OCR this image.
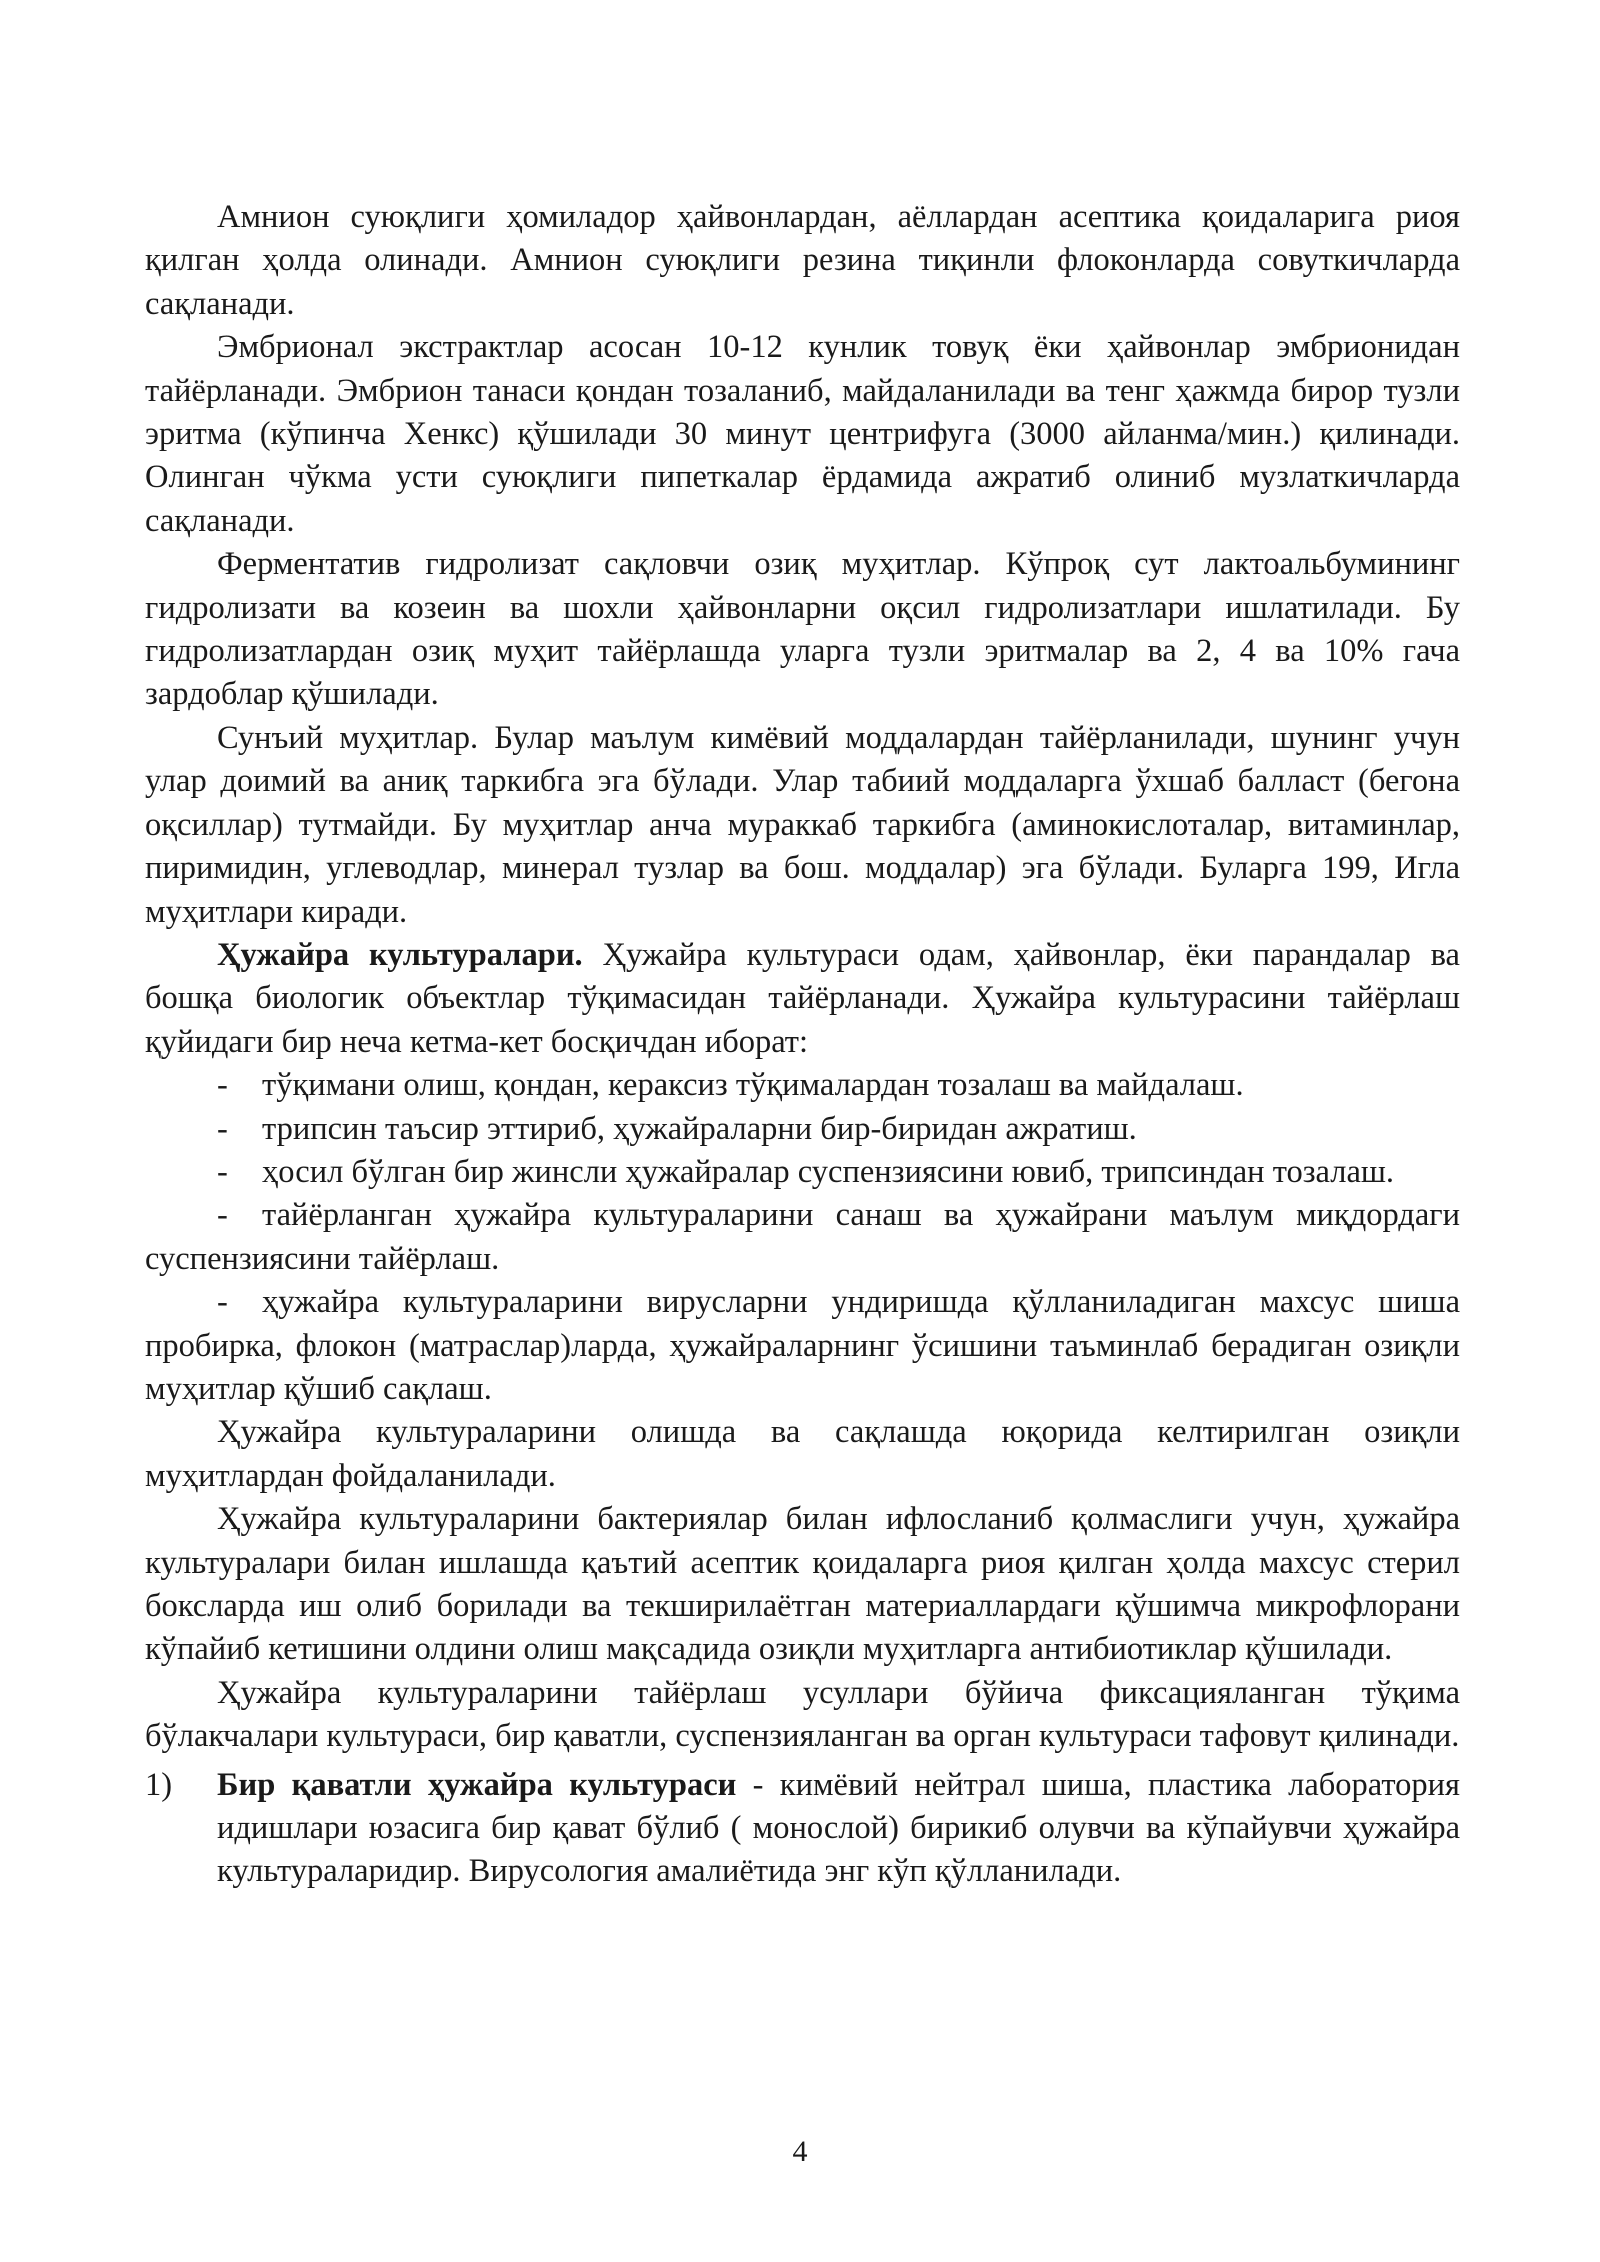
Амнион суюқлиги ҳомиладор ҳайвонлардан, аёллардан асептика қоидаларига риоя қилган ҳолда олинади. Амнион суюқлиги резина тиқинли флоконларда совуткичларда сақланади.

Эмбрионал экстрактлар асосан 10-12 кунлик товуқ ёки ҳайвонлар эмбрионидан тайёрланади. Эмбрион танаси қондан тозаланиб, майдаланилади ва тенг ҳажмда бирор тузли эритма (кўпинча Хенкс) қўшилади 30 минут центрифуга (3000 айланма/мин.) қилинади. Олинган чўкма усти суюқлиги пипеткалар ёрдамида ажратиб олиниб музлаткичларда сақланади.

Ферментатив гидролизат сақловчи озиқ муҳитлар. Кўпроқ сут лактоальбумининг гидролизати ва козеин ва шохли ҳайвонларни оқсил гидролизатлари ишлатилади. Бу гидролизатлардан озиқ муҳит тайёрлашда уларга тузли эритмалар ва 2, 4 ва 10% гача зардоблар қўшилади.

Сунъий муҳитлар. Булар маълум кимёвий моддалардан тайёрланилади, шунинг учун улар доимий ва аниқ таркибга эга бўлади. Улар табиий моддаларга ўхшаб балласт (бегона оқсиллар) тутмайди. Бу муҳитлар анча мураккаб таркибга (аминокислоталар, витаминлар, пиримидин, углеводлар, минерал тузлар ва бош. моддалар) эга бўлади. Буларга 199, Игла муҳитлари киради.

Ҳужайра культуралари. Ҳужайра культураси одам, ҳайвонлар, ёки парандалар ва бошқа биологик объектлар тўқимасидан тайёрланади. Ҳужайра культурасини тайёрлаш қуйидаги бир неча кетма-кет босқичдан иборат:

- тўқимани олиш, қондан, кераксиз тўқималардан тозалаш ва майдалаш.

- трипсин таъсир эттириб, ҳужайраларни бир-биридан ажратиш.

- ҳосил бўлган бир жинсли ҳужайралар суспензиясини ювиб, трипсиндан тозалаш.

- тайёрланган ҳужайра культураларини санаш ва ҳужайрани маълум миқдордаги суспензиясини тайёрлаш.

- ҳужайра культураларини вирусларни ундиришда қўлланиладиган махсус шиша пробирка, флокон (матраслар)ларда, ҳужайраларнинг ўсишини таъминлаб берадиган озиқли муҳитлар қўшиб сақлаш.

Ҳужайра культураларини олишда ва сақлашда юқорида келтирилган озиқли муҳитлардан фойдаланилади.

Ҳужайра культураларини бактериялар билан ифлосланиб қолмаслиги учун, ҳужайра культуралари билан ишлашда қаътий асептик қоидаларга риоя қилган ҳолда махсус стерил боксларда иш олиб борилади ва текширилаётган материаллардаги қўшимча микрофлорани кўпайиб кетишини олдини олиш мақсадида озиқли муҳитларга антибиотиклар қўшилади.

Ҳужайра культураларини тайёрлаш усуллари бўйича фиксацияланган тўқима бўлакчалари культураси, бир қаватли, суспензияланган ва орган культураси тафовут қилинади.

1) Бир қаватли ҳужайра культураси - кимёвий нейтрал шиша, пластика лаборатория идишлари юзасига бир қават бўлиб ( монослой) бирикиб олувчи ва кўпайувчи ҳужайра культураларидир. Вирусология амалиётида энг кўп қўлланилади.
4
